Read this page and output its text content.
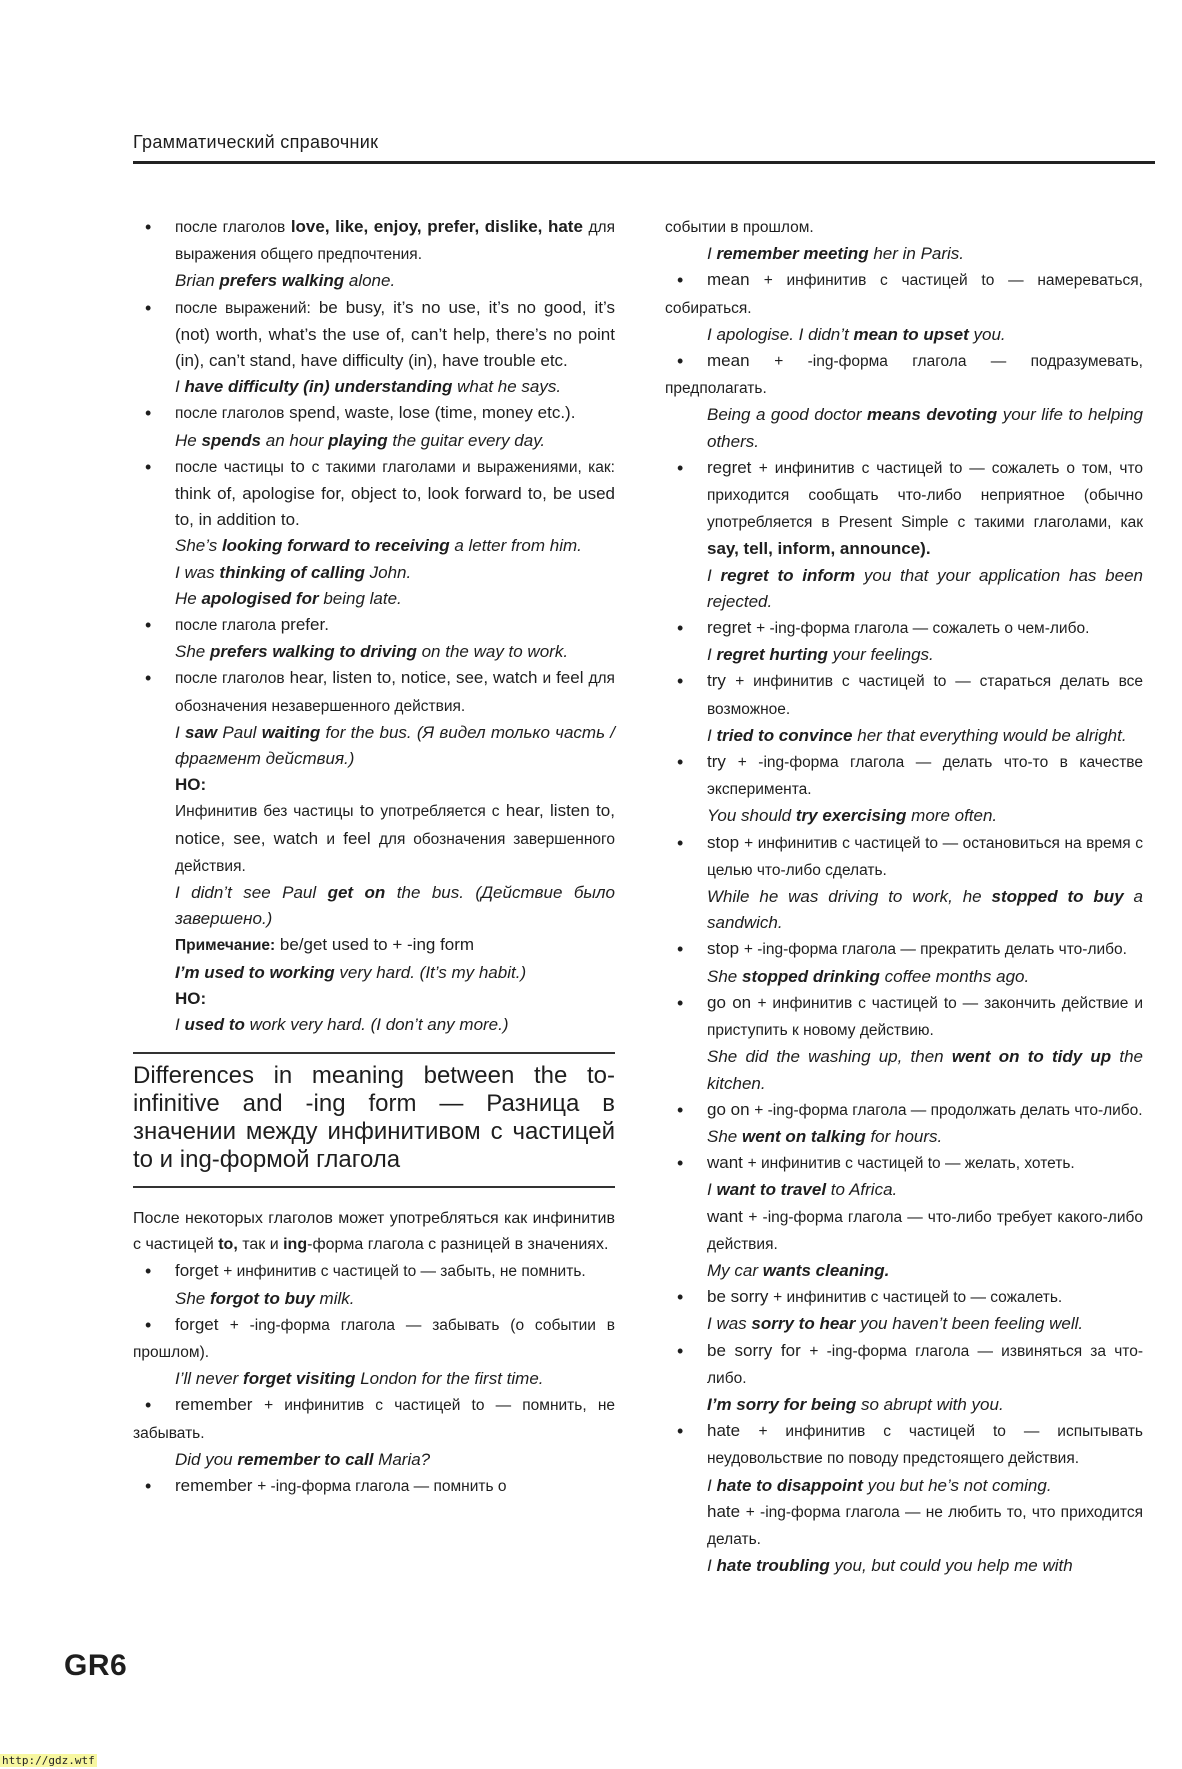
Грамматический справочник

• после глаголов love, like, enjoy, prefer, dislike, hate для выражения общего предпочтения.

Brian prefers walking alone.

• после выражений: be busy, it’s no use, it’s no good, it’s (not) worth, what’s the use of, can’t help, there’s no point (in), can’t stand, have difficulty (in), have trouble etc.

I have difficulty (in) understanding what he says.

• после глаголов spend, waste, lose (time, money etc.).

He spends an hour playing the guitar every day.

• после частицы to с такими глаголами и выражениями, как: think of, apologise for, object to, look forward to, be used to, in addition to.

She’s looking forward to receiving a letter from him.

I was thinking of calling John.

He apologised for being late.

• после глагола prefer.

She prefers walking to driving on the way to work.

• после глаголов hear, listen to, notice, see, watch и feel для обозначения незавершенного действия.

I saw Paul waiting for the bus. (Я видел только часть / фрагмент действия.)

НО:

Инфинитив без частицы to употребляется с hear, listen to, notice, see, watch и feel для обозначения завершенного действия.

I didn’t see Paul get on the bus. (Действие было завершено.)

Примечание: be/get used to + -ing form

I’m used to working very hard. (It’s my habit.)

НО:

I used to work very hard. (I don’t any more.)

Differences in meaning between the to-infinitive and -ing form — Разница в значении между инфинитивом с частицей to и ing-формой глагола

После некоторых глаголов может употребляться как инфинитив с частицей to, так и ing-форма глагола с разницей в значениях.

• forget + инфинитив с частицей to — забыть, не помнить.

She forgot to buy milk.

• forget + -ing-форма глагола — забывать (о событии в прошлом).

I’ll never forget visiting London for the first time.

• remember + инфинитив с частицей to — помнить, не забывать.

Did you remember to call Maria?

• remember + -ing-форма глагола — помнить о

событии в прошлом.

I remember meeting her in Paris.

• mean + инфинитив с частицей to — намереваться, собираться.

I apologise. I didn’t mean to upset you.

• mean + -ing-форма глагола — подразумевать, предполагать.

Being a good doctor means devoting your life to helping others.

• regret + инфинитив с частицей to — сожалеть о том, что приходится сообщать что-либо неприятное (обычно употребляется в Present Simple с такими глаголами, как say, tell, inform, announce).

I regret to inform you that your application has been rejected.

• regret + -ing-форма глагола — сожалеть о чем-либо.

I regret hurting your feelings.

• try + инфинитив с частицей to — стараться делать все возможное.

I tried to convince her that everything would be alright.

• try + -ing-форма глагола — делать что-то в качестве эксперимента.

You should try exercising more often.

• stop + инфинитив с частицей to — остановиться на время с целью что-либо сделать.

While he was driving to work, he stopped to buy a sandwich.

• stop + -ing-форма глагола — прекратить делать что-либо.

She stopped drinking coffee months ago.

• go on + инфинитив с частицей to — закончить действие и приступить к новому действию.

She did the washing up, then went on to tidy up the kitchen.

• go on + -ing-форма глагола — продолжать делать что-либо.

She went on talking for hours.

• want + инфинитив с частицей to — желать, хотеть.

I want to travel to Africa.

want + -ing-форма глагола — что-либо требует какого-либо действия.

My car wants cleaning.

• be sorry + инфинитив с частицей to — сожалеть.

I was sorry to hear you haven’t been feeling well.

• be sorry for + -ing-форма глагола — извиняться за что-либо.

I’m sorry for being so abrupt with you.

• hate + инфинитив с частицей to — испытывать неудовольствие по поводу предстоящего действия.

I hate to disappoint you but he’s not coming.

hate + -ing-форма глагола — не любить то, что приходится делать.

I hate troubling you, but could you help me with

GR6
http://gdz.wtf
